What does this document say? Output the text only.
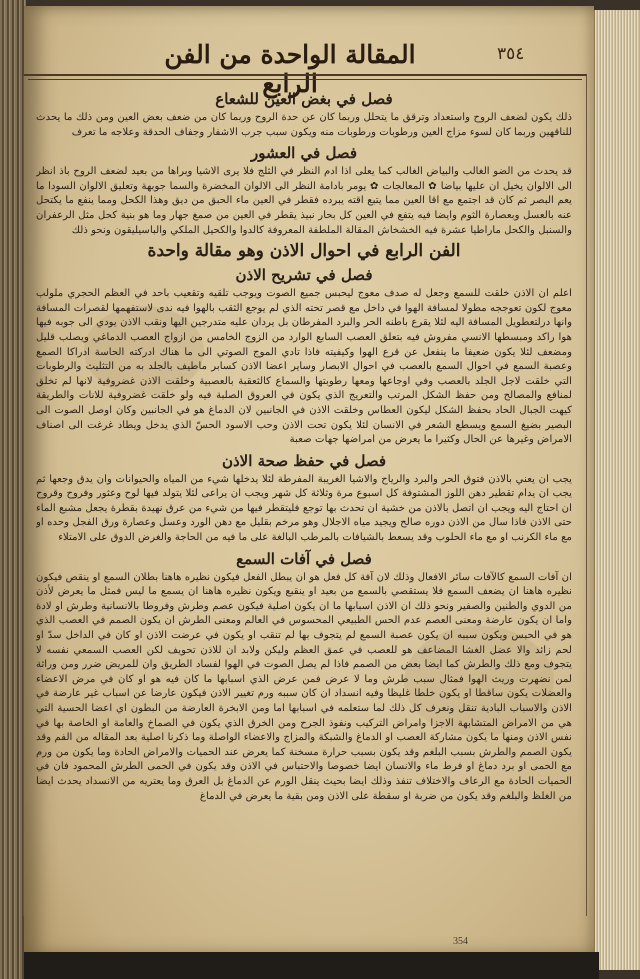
المقالة الواحدة من الفن الرابع
٣٥٤
فصل في بغض العين للشعاع

ذلك يكون لضعف الروح واستعداد وترقق ما يتحلل وربما كان عن حدة الروح وربما كان من ضعف بعض العين ومن ذلك ما يحدث للناقهين وربما كان لسوء مزاج العين ورطوبات ورطوبات منه ويكون سبب جرب الاشفار وجفاف الحدقة وعلاجه ما تعرف

فصل في العشور

قد يحدث من الضو الغالب والبياض الغالب كما يعلى اذا ادم النظر في الثلج فلا يرى الاشيا وبراها من بعيد لضعف الروح باذ انظر الى الالوان يخيل ان عليها بياضا ✿ المعالجات ✿ يومر بادامة النظر الى الالوان المخضرة والسما جوبهة وتعليق الالوان السودا ما يعم البصر ثم كان قد اجتمع مع اقا العين مما يتبع اقته يبرده فقطر في العين ماء الحبق من ديق وهذا الكحل ومما ينفع ما يكتحل عنه بالعسل وبعصارة الثوم وايضا فيه يتفع في العين كل بحار نبيذ يقطر في العين من صمغ جهار وما هو بنية كحل مثل الرعفران والسنبل والكحل ماراطيا عشرة فيه الخشخاش المقالة الملطفة المعروفة كالدوا والكحيل الملكي والباسيليقون ونحو ذلك

الفن الرابع في احوال الاذن وهو مقالة واحدة
فصل في تشريح الاذن

اعلم ان الاذن خلقت للسمع وجعل له صدف معوج ليحبس جميع الصوت ويوجب تلقيه وتقعيب باحد في العظم الحجري ملولب معوج لكون تعوججه مطولا لمسافة الهوا في داخل مع قصر تحته الذي لم يوجع الثقب بالهوا فيه ندى لاستفهمها لقصرات المسافة وانها درلتعطويل المسافة اليه لئلا يقرع باطنه الحر والبرد المفرطان بل يردان عليه متدرجين اليها ونقب الاذن يودي الى جوبه فيها هوا راكد ومبسطها الانسي مفروش فيه بتعلق العصب السابع الوارد من الزوج الخامس من ازواج العصب الدماغي ويصلب قليل ومضعف لئلا يكون ضعيفا ما ينفعل عن قرع الهوا وكيفيته فاذا تادي الموج الصوتي الى ما هناك ادركته الحاسة ادراكا الصمع وعصبة السمع في احوال السمع بالعصب في احوال الابصار وساير اعضا الاذن كسابر ماطيف بالجلد به من التثليث والرطوبات التي خلقت لاجل الجلد بالعصب وفي اوجاعها ومعها رطوبتها والسماع كالثعقبة بالعصبية وخلقت الاذن غضروفية لانها لم تخلق لمنافع والمصالح ومن حفظ الشكل المرتب والتعريج الذي يكون في العروق الصلبة فيه ولو خلقت غضروفية للانات والطريقة كيهت الجبال الحاد بحفظ الشكل ليكون العطاس وخلقت الاذن في الجانبين لان الدماغ هو في الجانبين وكان اوصل الصوت الى البصير بضيغ السمع ويسطع الشعر في الانسان لئلا يكون تحت الاذن وحب الاسود الحسّ الذي يدخل ويطاد غرغت الى اصناف الامراض وغيرها عن الحال وكثيرا ما يعرض من امراضها جهات صعبة

فصل في حفظ صحة الاذن

يجب ان يعني بالاذن فتوق الحر والبرد والرياح والاشيا الغريبة المفرطة لئلا يدخلها شيء من المياه والحيوانات وان يدق وجعها ثم يجب ان يدام تقطير دهن اللوز المشتوفة كل اسبوع مرة وثلاثة كل شهر ويجب ان يراعى لئلا يتولد فيها لوح وعثور وفروح وقروح ان احتاج اليه ويجب ان اتصل بالاذن من خشية ان تحدث بها توجع فليتقطر فيها من شيء من عرق نهيدة بقطرة يجعل مشبع الماء حتى الاذن فاذا سال من الاذن دوره صالح ويجيد مياه الاجلال وهو مرخم بقليل مع دهن الورد وعسل وعصارة ورق الفجل وحده او مع ماء الكرنب او مع ماء الحلوب وقد يسعط بالشيافات بالمرطب البالغة على ما فيه من الحاجة والغرض الدوق على الامتلاء

فصل في آفات السمع

ان آفات السمع كالآفات سائر الافعال وذلك لان آفة كل فعل هو ان يبطل الفعل فيكون نظيره هاهنا بطلان السمع او ينقص فيكون نظيره هاهنا ان يضعف السمع فلا يستقصي بالسمع من بعيد او ينقبع ويكون نظيره هاهنا ان يسمع ما ليس فمثل ما يعرض لأذن من الدوي والطنين والصفير ونحو ذلك ان الاذن اسبابها ما ان يكون اصلية فيكون عصم وطرش وفروطا بالانسانية وطرش او لادة واما ان يكون عارضة ومعنى العصم عدم الحس الطبيعي المحسوس في العالم ومعنى الطرش ان يكون الصمم في العصب الذي هو في الحبس ويكون سببه ان يكون عصبة السمع لم يتجوف بها لم تنقب او يكون في عرضت الاذن او كان في الداخل سدّ او لحم زائد والا عضل الغشا المضاعف هو للعصب في عمق العظم وليكن ولابد ان للاذن تحويف لكن العصب السمعي نفسه لا يتجوف ومع ذلك والطرش كما ايضا بعض من الصمم فاذا لم يصل الصوت في الهوا لفساد الطريق وان للمريض ضرر ومن وراثة لمن نضهرت وريث الهوا فمثال سبب طرش وما لا عرض فمن عرض الذي اسبابها ما كان فيه هو او كان في مرض الاعضاء والعضلات يكون ساقطا او يكون خلطا غليظا وفيه انسداد ان كان سببه ورم تغيير الاذن فيكون عارضا عن اسباب غير عارضة في الاذن والاسباب البادية تنقل ونعرف كل ذلك لما ستعلمه في اسبابها اما ومن الابخرة العارضة من البطون اي اعضا الحسية التي هي من الامراض المتشابهة الاجزا وامراض التركيب ونفوذ الجرح ومن الخرق الذي يكون في الصماخ والعامة او الخاصة بها في نفس الاذن ومنها ما يكون مشاركة العصب او الدماغ والشبكة والمزاج والاعضاء الواصلة وما ذكرنا اصلية بعد المقاله من الفم وقد يكون الصمم والطرش بسبب البلغم وقد يكون بسبب حرارة مسخنة كما يعرض عند الحميات والامراض الحادة وما يكون من ورم مع الحمى او برد دماغ او فرط ماء والانسان ايضا خصوصا والاحتباس في الاذن وقد يكون في الحمى الطرش المحمود فان في الحميات الحادة مع الرعاف والاختلاف تنفذ وذلك ايضا بحيث ينقل الورم عن الدماغ بل العرق وما يعتريه من الانسداد يحدث ايضا من الغلظ والبلغم وقد يكون من ضربة او سقطة على الاذن ومن بقية ما يعرض في الدماغ

354
